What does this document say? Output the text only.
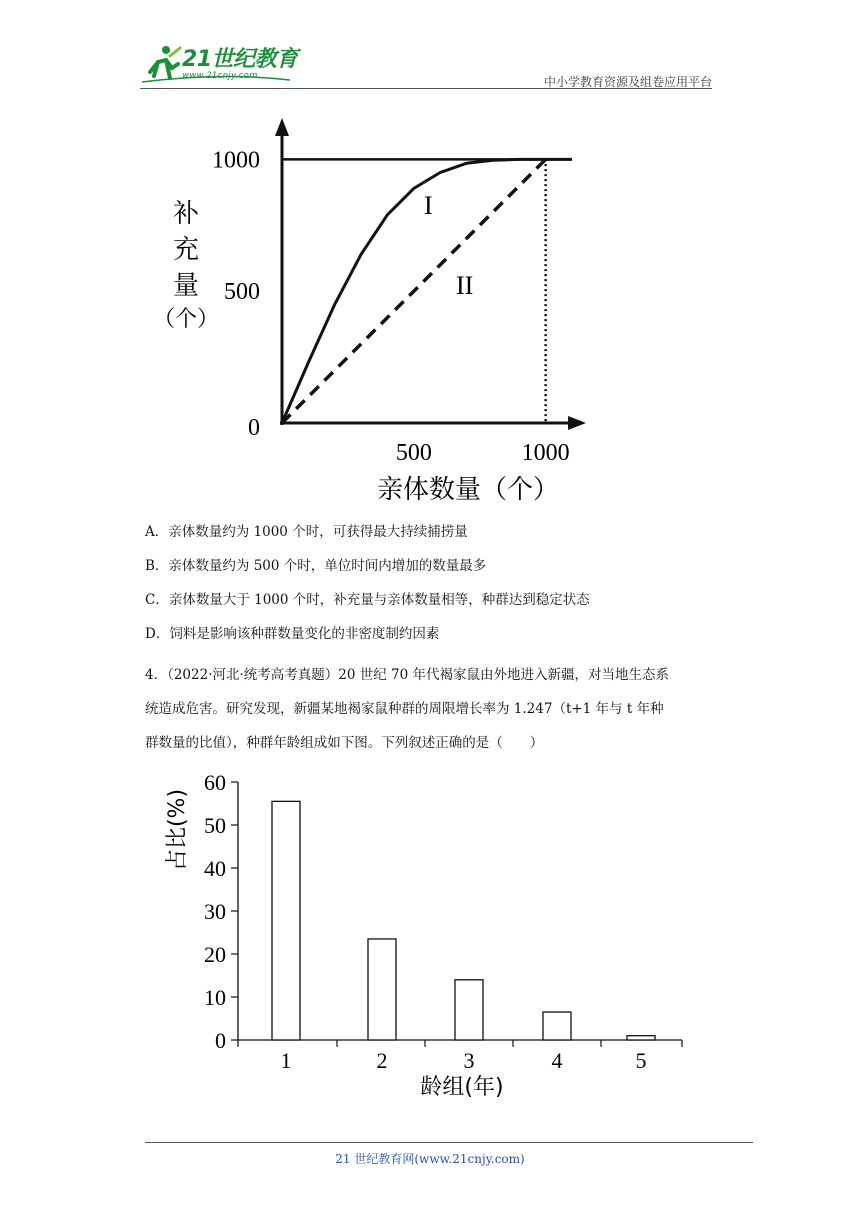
21世纪教育
www.21cnjy.com	中小学教育资源及组卷应用平台
1000
500
0
500	1000
补
充
量
（个）
亲体数量（个）
I
II
A．亲体数量约为 1000 个时，可获得最大持续捕捞量
B．亲体数量约为 500 个时，单位时间内增加的数量最多
C．亲体数量大于 1000 个时，补充量与亲体数量相等，种群达到稳定状态
D．饲料是影响该种群数量变化的非密度制约因素
4．（2022·河北·统考高考真题）20 世纪 70 年代褐家鼠由外地进入新疆，对当地生态系
统造成危害。研究发现，新疆某地褐家鼠种群的周限增长率为 1.247（t+1 年与 t 年种
群数量的比值），种群年龄组成如下图。下列叙述正确的是（　　）
0
10
20
30
40
50
60
1	2	3	4	5
占比(%)
龄组(年)
21 世纪教育网(www.21cnjy.com)
